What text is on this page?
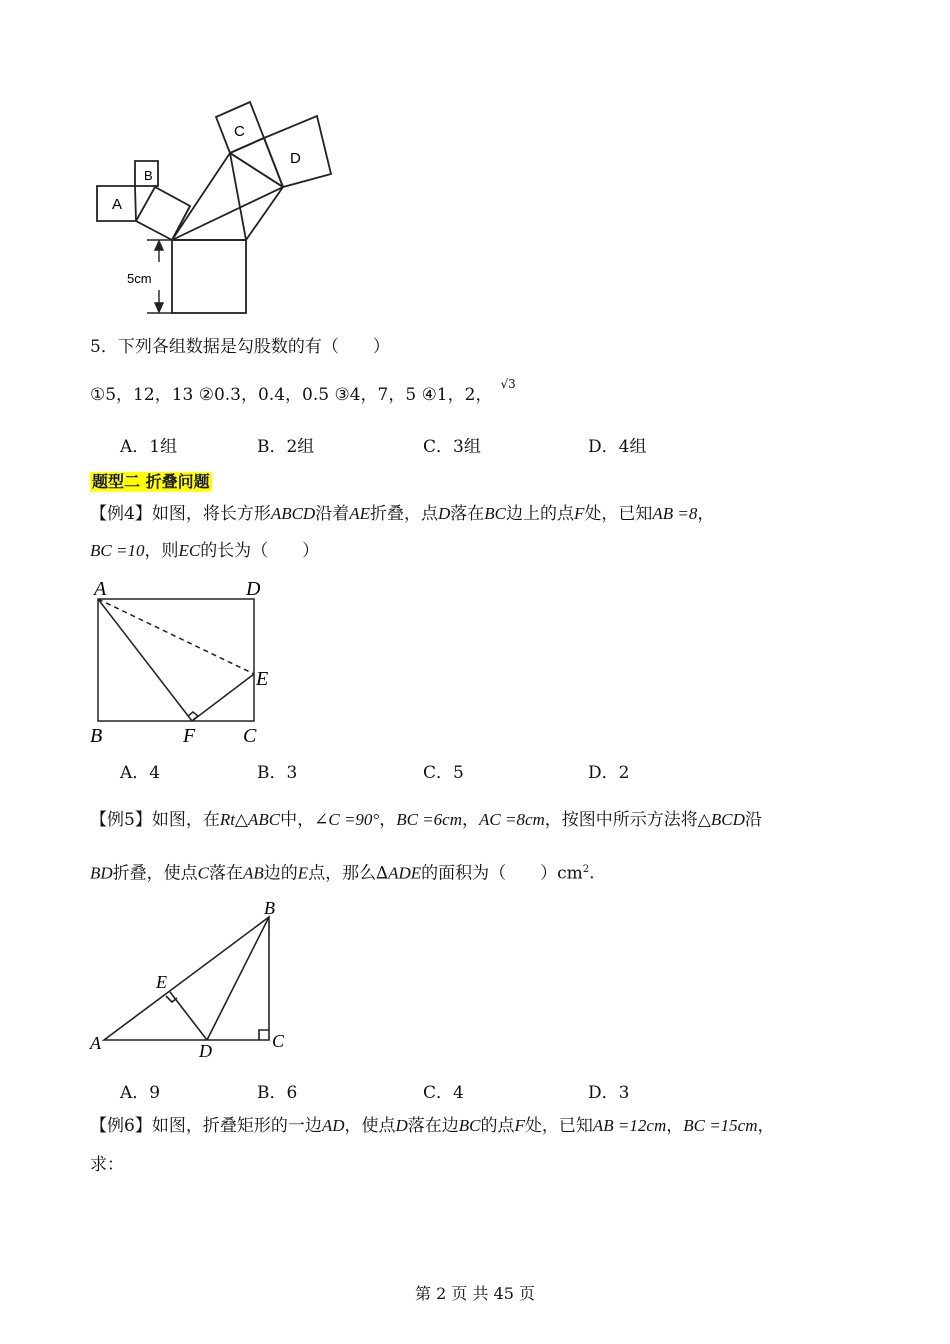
A
B
C
D
5cm
5．下列各组数据是勾股数的有（　　）
①5，12，13 ②0.3，0.4，0.5 ③4，7，5 ④1，2，$^{√3}$
A．1组	B．2组	C．3组	D．4组
题型二 折叠问题
【例4】如图，将长方形ABCD沿着AE折叠，点D落在BC边上的点F处，已知AB =8，
BC =10，则EC的长为（　　）
A	D
E
B	F C
A．4	B．3	C．5	D．2
【例5】如图，在Rt△ABC中，∠C =90°，BC =6cm，AC =8cm，按图中所示方法将△BCD沿
BD折叠，使点C落在AB边的E点，那么∆ADE的面积为（　　）$cm^2$.
B
E
A	D	C
A．9	B．6	C．4	D．3
【例6】如图，折叠矩形的一边AD，使点D落在边BC的点F处，已知AB =12cm，BC =15cm，
求：
第 2 页 共 45 页
